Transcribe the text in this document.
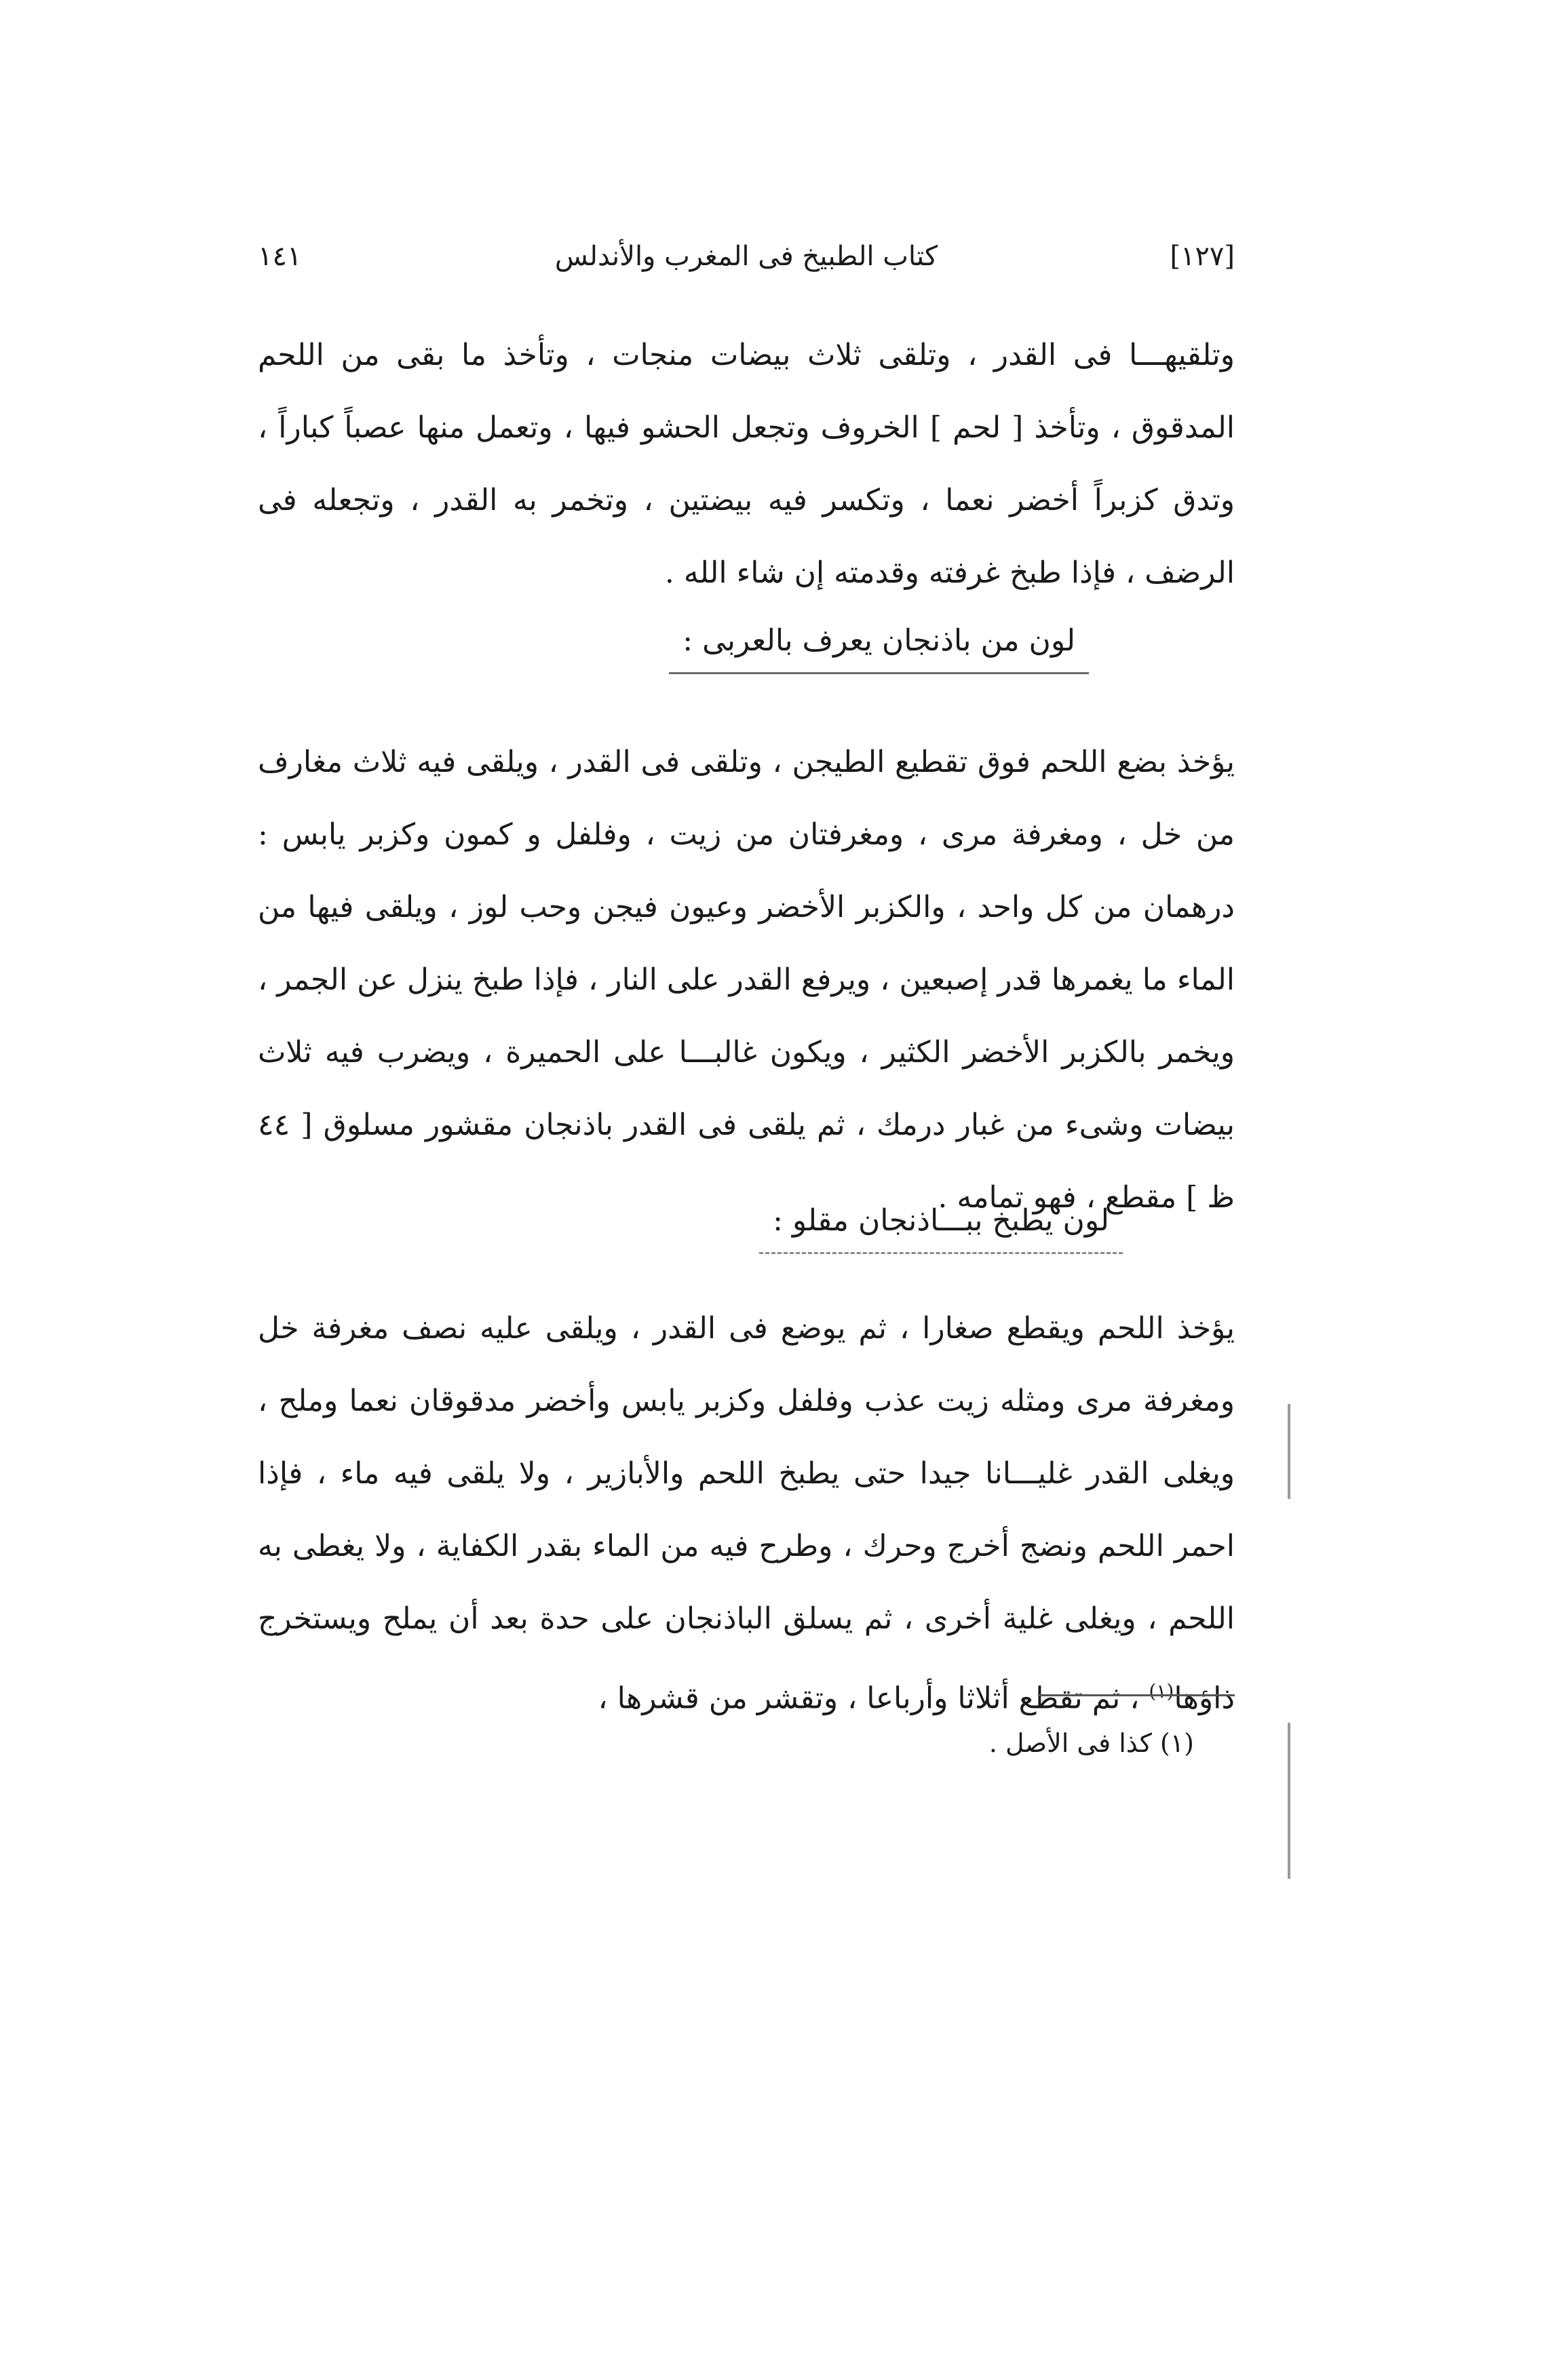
١٤١	كتاب الطبيخ فى المغرب والأندلس	[١٢٧]
وتلقيهـــا فى القدر ، وتلقى ثلاث بيضات منجات ، وتأخذ ما بقى من اللحم المدقوق ، وتأخذ [ لحم ] الخروف وتجعل الحشو فيها ، وتعمل منها عصباً كباراً ، وتدق كزبراً أخضر نعما ، وتكسر فيه بيضتين ، وتخمر به القدر ، وتجعله فى الرضف ، فإذا طبخ غرفته وقدمته إن شاء الله .
لون من باذنجان يعرف بالعربى :
يؤخذ بضع اللحم فوق تقطيع الطيجن ، وتلقى فى القدر ، ويلقى فيه ثلاث مغارف من خل ، ومغرفة مرى ، ومغرفتان من زيت ، وفلفل و كمون وكزبر يابس : درهمان من كل واحد ، والكزبر الأخضر وعيون فيجن وحب لوز ، ويلقى فيها من الماء ما يغمرها قدر إصبعين ، ويرفع القدر على النار ، فإذا طبخ ينزل عن الجمر ، ويخمر بالكزبر الأخضر الكثير ، ويكون غالبـــا على الحميرة ، ويضرب فيه ثلاث بيضات وشىء من غبار درمك ، ثم يلقى فى القدر باذنجان مقشور مسلوق [ ٤٤ ظ ] مقطع ، فهو تمامه .
لون يطبخ ببـــاذنجان مقلو :
يؤخذ اللحم ويقطع صغارا ، ثم يوضع فى القدر ، ويلقى عليه نصف مغرفة خل ومغرفة مرى ومثله زيت عذب وفلفل وكزبر يابس وأخضر مدقوقان نعما وملح ، ويغلى القدر غليـــانا جيدا حتى يطبخ اللحم والأبازير ، ولا يلقى فيه ماء ، فإذا احمر اللحم ونضج أخرج وحرك ، وطرح فيه من الماء بقدر الكفاية ، ولا يغطى به اللحم ، ويغلى غلية أخرى ، ثم يسلق الباذنجان على حدة بعد أن يملح ويستخرج ذاؤها$^{(١)}$ ، ثم تقطع أثلاثا وأرباعا ، وتقشر من قشرها ،
(١) كذا فى الأصل .
